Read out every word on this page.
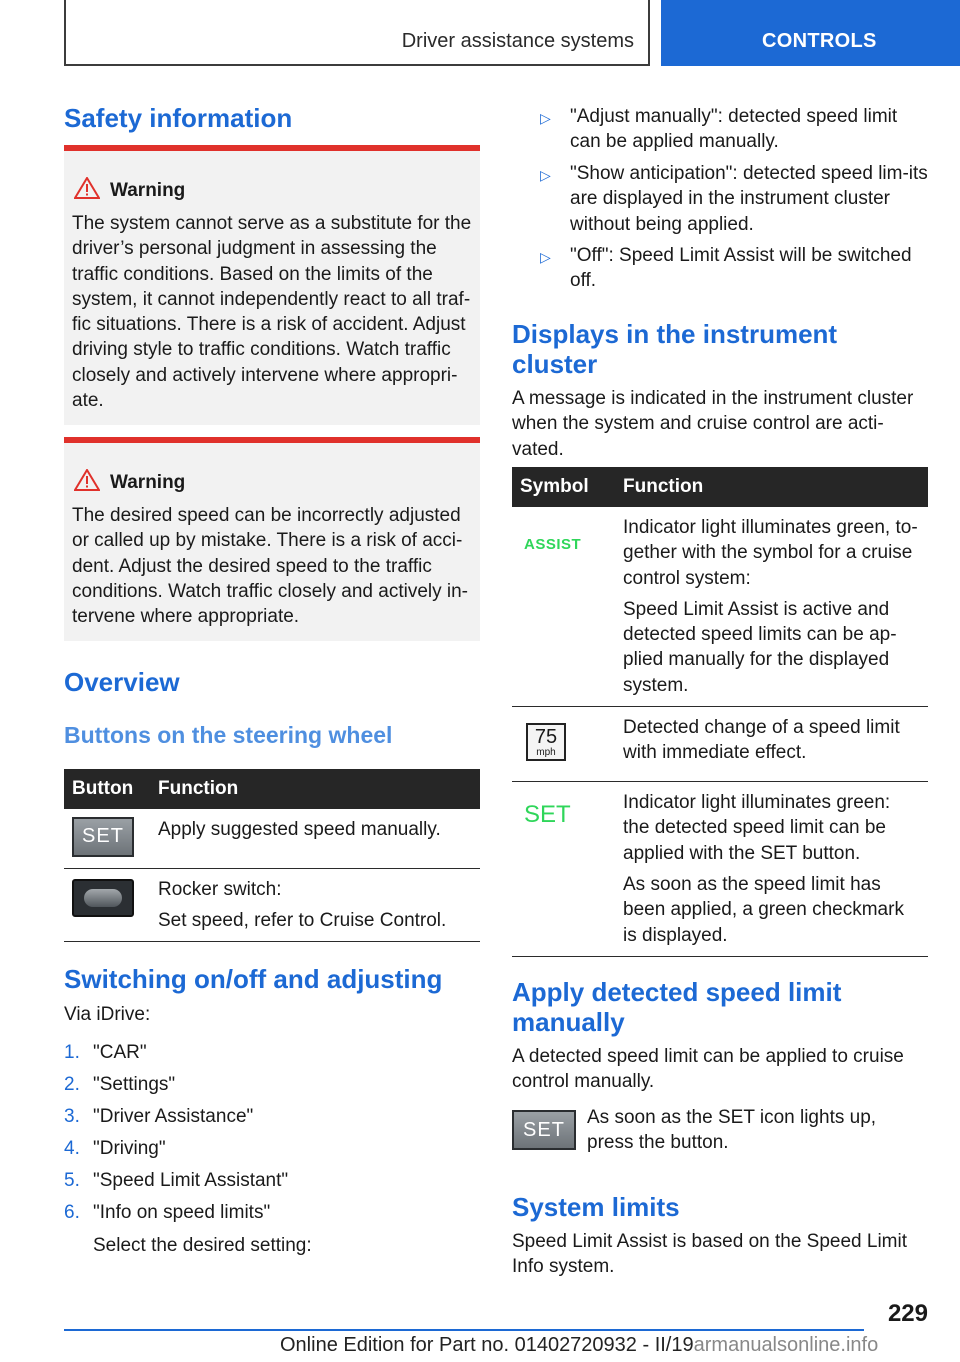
Driver assistance systems	CONTROLS
Safety information
Warning
The system cannot serve as a substitute for the driver’s personal judgment in assessing the traffic conditions. Based on the limits of the system, it cannot independently react to all traf-fic situations. There is a risk of accident. Adjust driving style to traffic conditions. Watch traffic closely and actively intervene where appropri-ate.
Warning
The desired speed can be incorrectly adjusted or called up by mistake. There is a risk of acci-dent. Adjust the desired speed to the traffic conditions. Watch traffic closely and actively in-tervene where appropriate.
Overview
Buttons on the steering wheel
Button	Function

SET	Apply suggested speed manually.

	Rocker switch:

Set speed, refer to Cruise Control.

Switching on/off and adjusting
Via iDrive:
1. "CAR"
2. "Settings"
3. "Driver Assistance"
4. "Driving"
5. "Speed Limit Assistant"
6. "Info on speed limits"
Select the desired setting:
▷ "Adjust manually": detected speed limit can be applied manually.
▷ "Show anticipation": detected speed lim-its are displayed in the instrument cluster without being applied.
▷ "Off": Speed Limit Assist will be switched off.
Displays in the instrument cluster
A message is indicated in the instrument cluster when the system and cruise control are acti-vated.
Symbol	Function
ASSIST	Indicator light illuminates green, to-gether with the symbol for a cruise control system:

Speed Limit Assist is active and detected speed limits can be ap-plied manually for the displayed system.

75
mph	Detected change of a speed limit with immediate effect.

SET	Indicator light illuminates green: the detected speed limit can be applied with the SET button.

As soon as the speed limit has been applied, a green checkmark is displayed.

Apply detected speed limit manually
A detected speed limit can be applied to cruise control manually.
SET
As soon as the SET icon lights up, press the button.
System limits
Speed Limit Assist is based on the Speed Limit Info system.
229
Online Edition for Part no. 01402720932 - II/19armanualsonline.info
